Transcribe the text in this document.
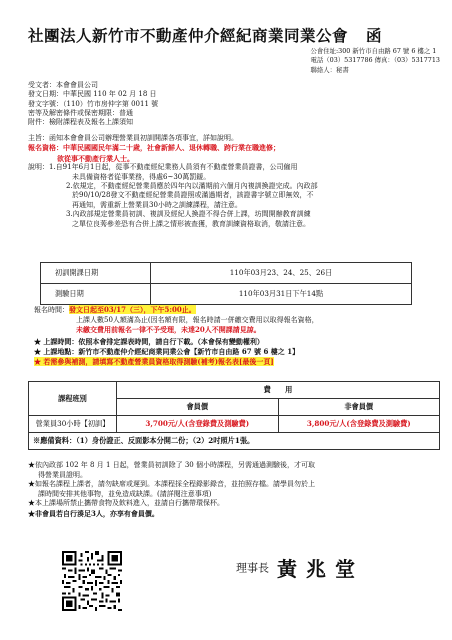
社團法人新竹市不動產仲介經紀商業同業公會 函
公會住址:300 新竹市自由路 67 號 6 樓之 1
電話（03）5317786 傳真：（03）5317713
聯絡人：秘書
受文者：本會會員公司
發文日期：中華民國 110 年 02 月 18 日
發文字號：（110）竹市房仲字第 0011 號
密等及解密條件或保密期限：普通
附件：檢附課程表及報名上課須知
主旨：函知本會會員公司辦理營業員初訓開課各項事宜，詳如說明。
報名資格：中華民國國民年滿二十歲，社會新鮮人、退休轉職、跨行業在職進修；
欲從事不動產行業人士。
說明：1.自91年6月1日起，從事不動產經紀業務人員須有不動產營業員證書，公司僱用
未具備資格者從事業務，得處6~30萬罰鍰。
2.依規定，不動產經紀營業員應於四年內以滿期前六個月內複訓換證完成。內政部
於90/10/28發文不動產經紀營業員證照或滿過期者，該證書字號立即無效，不
再通知，需重新上營業員30小時之訓練課程，請注意。
3.內政部規定營業員初訓、複訓及經紀人換證不得合併上課，坊間開辦教育訓練
之單位良莠參差恐有合併上課之情形被查獲，教育訓練資格取消，敬請注意。
初訓開課日期	110年03月23、24、25、26日
測驗日期	110年03月31日下午14點
報名時間：發文日起至03/17（三），下午5:00止。
上課人數50人額滿為止(因名額有限，報名時請一併繳交費用以取得報名資格，
未繳交費用前報名一律不予受理，未達20人不開課請見諒。
★ 上課時間：依照本會排定課表時間，請自行下載。（本會保有變動權利）
★ 上課地點：新竹市不動產仲介經紀商業同業公會【新竹市自由路 67 號 6 樓之 1】
★ 若需參與補測，請填寫不動產營業員資格取得測驗(補考)報名表[最後一頁]
課程班別	費　　用	
	會員價	非會員價
營業員30小時【初訓】	3,700元/人(含登錄費及測驗費)	3,800元/人(含登錄費及測驗費)
※應備資料：（1）身份證正、反面影本分開二份；（2）2吋照片1張。		
★依內政部 102 年 8 月 1 日起，營業員初訓除了 30 個小時課程，另需通過測驗後，才可取
得營業員證明。
★如報名課程上課者，請勿缺席或遲到。本課程採全程錄影錄音，並拍照存檔。請學員勿於上
課時間安排其他事物，並免造成缺課。(請詳閱注意事項)
★本上課場所禁止攜帶食物及飲料進入，並請自行攜帶環保杯。
★非會員若自行湊足3人，亦享有會員價。
理事長 黃兆堂
